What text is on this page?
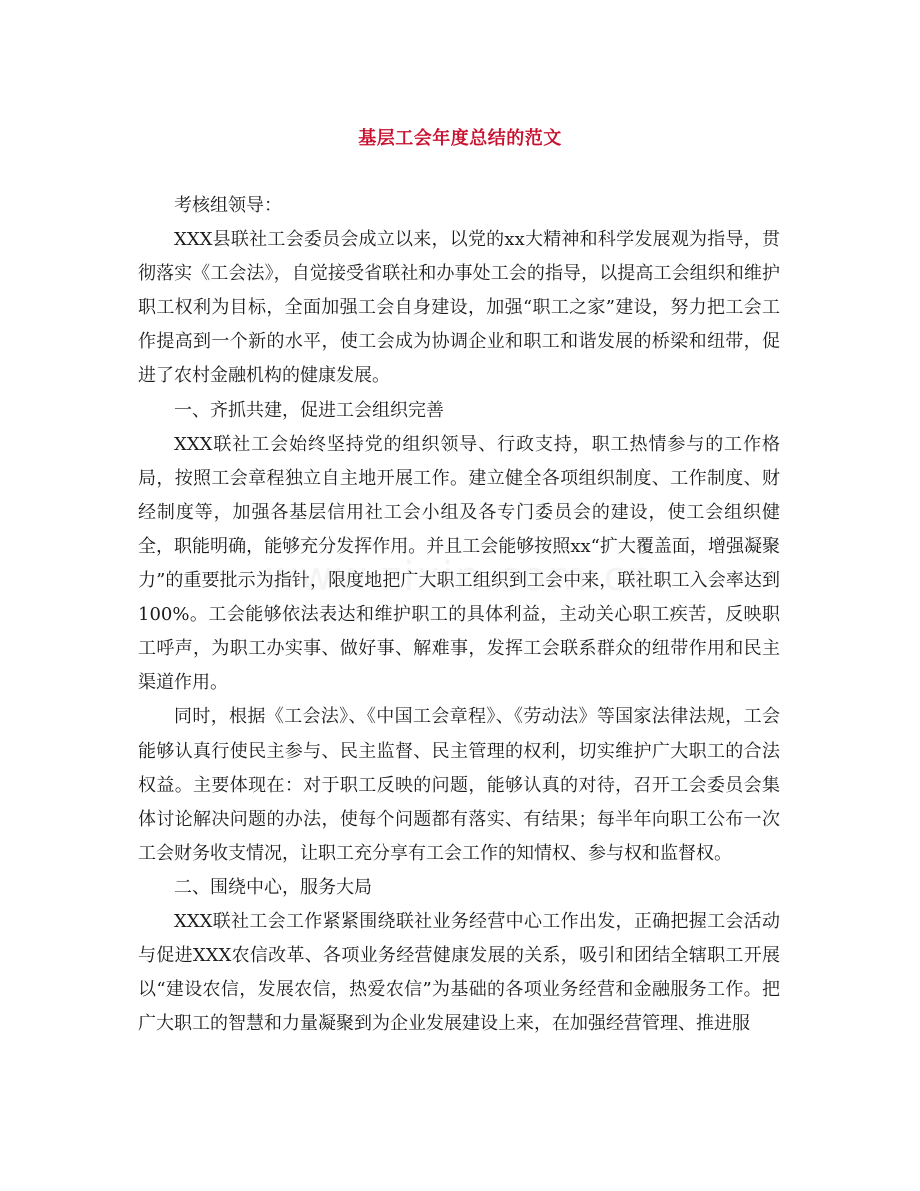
基层工会年度总结的范文

考核组领导：

XXX县联社工会委员会成立以来，以党的xx大精神和科学发展观为指导，贯彻落实《工会法》，自觉接受省联社和办事处工会的指导，以提高工会组织和维护职工权利为目标，全面加强工会自身建设，加强“职工之家”建设，努力把工会工作提高到一个新的水平，使工会成为协调企业和职工和谐发展的桥梁和纽带，促进了农村金融机构的健康发展。

一、齐抓共建，促进工会组织完善

XXX联社工会始终坚持党的组织领导、行政支持，职工热情参与的工作格局，按照工会章程独立自主地开展工作。建立健全各项组织制度、工作制度、财经制度等，加强各基层信用社工会小组及各专门委员会的建设，使工会组织健全，职能明确，能够充分发挥作用。并且工会能够按照xx“扩大覆盖面，增强凝聚力”的重要批示为指针，限度地把广大职工组织到工会中来，联社职工入会率达到100%。工会能够依法表达和维护职工的具体利益，主动关心职工疾苦，反映职工呼声，为职工办实事、做好事、解难事，发挥工会联系群众的纽带作用和民主渠道作用。

同时，根据《工会法》、《中国工会章程》、《劳动法》等国家法律法规，工会能够认真行使民主参与、民主监督、民主管理的权利，切实维护广大职工的合法权益。主要体现在：对于职工反映的问题，能够认真的对待，召开工会委员会集体讨论解决问题的办法，使每个问题都有落实、有结果；每半年向职工公布一次工会财务收支情况，让职工充分享有工会工作的知情权、参与权和监督权。

二、围绕中心，服务大局

XXX联社工会工作紧紧围绕联社业务经营中心工作出发，正确把握工会活动与促进XXX农信改革、各项业务经营健康发展的关系，吸引和团结全辖职工开展以“建设农信，发展农信，热爱农信”为基础的各项业务经营和金融服务工作。把广大职工的智慧和力量凝聚到为企业发展建设上来，在加强经营管理、推进服
